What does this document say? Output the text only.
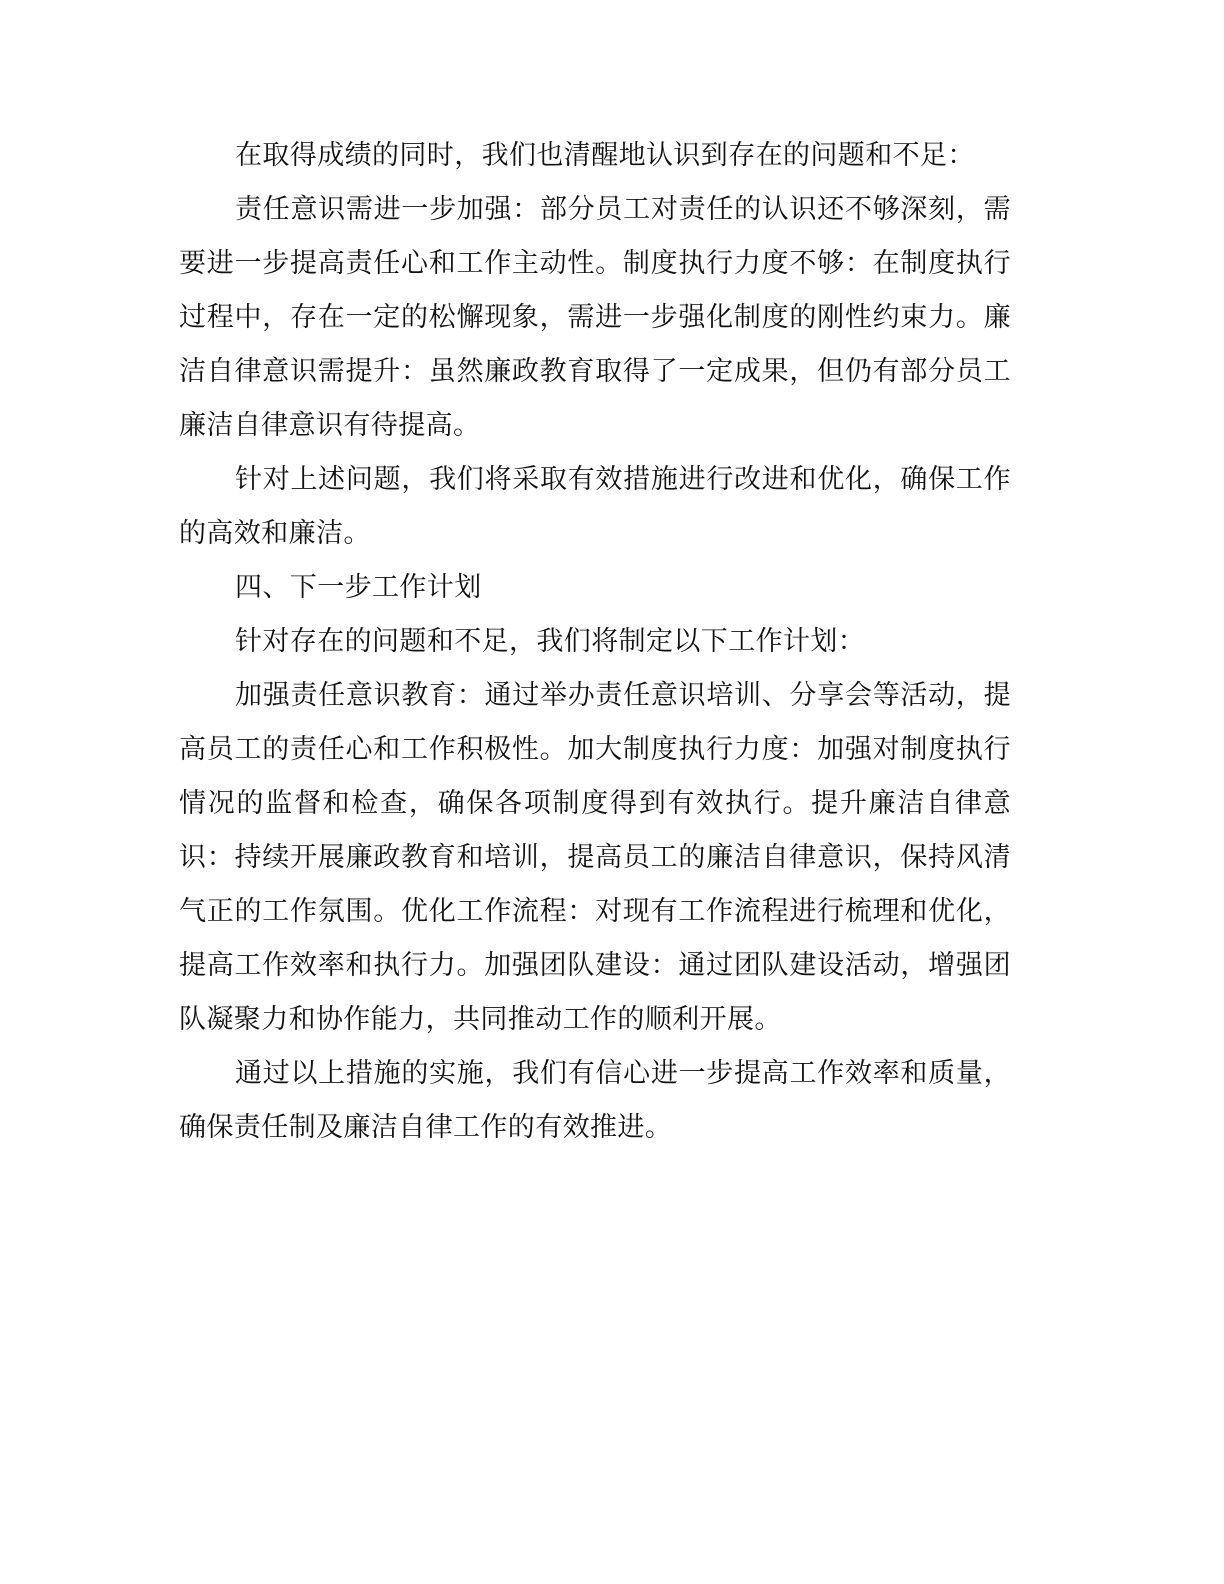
在取得成绩的同时，我们也清醒地认识到存在的问题和不足：

责任意识需进一步加强：部分员工对责任的认识还不够深刻，需要进一步提高责任心和工作主动性。制度执行力度不够：在制度执行过程中，存在一定的松懈现象，需进一步强化制度的刚性约束力。廉洁自律意识需提升：虽然廉政教育取得了一定成果，但仍有部分员工廉洁自律意识有待提高。

针对上述问题，我们将采取有效措施进行改进和优化，确保工作的高效和廉洁。

四、下一步工作计划

针对存在的问题和不足，我们将制定以下工作计划：

加强责任意识教育：通过举办责任意识培训、分享会等活动，提高员工的责任心和工作积极性。加大制度执行力度：加强对制度执行情况的监督和检查，确保各项制度得到有效执行。提升廉洁自律意识：持续开展廉政教育和培训，提高员工的廉洁自律意识，保持风清气正的工作氛围。优化工作流程：对现有工作流程进行梳理和优化，提高工作效率和执行力。加强团队建设：通过团队建设活动，增强团队凝聚力和协作能力，共同推动工作的顺利开展。

通过以上措施的实施，我们有信心进一步提高工作效率和质量，确保责任制及廉洁自律工作的有效推进。
